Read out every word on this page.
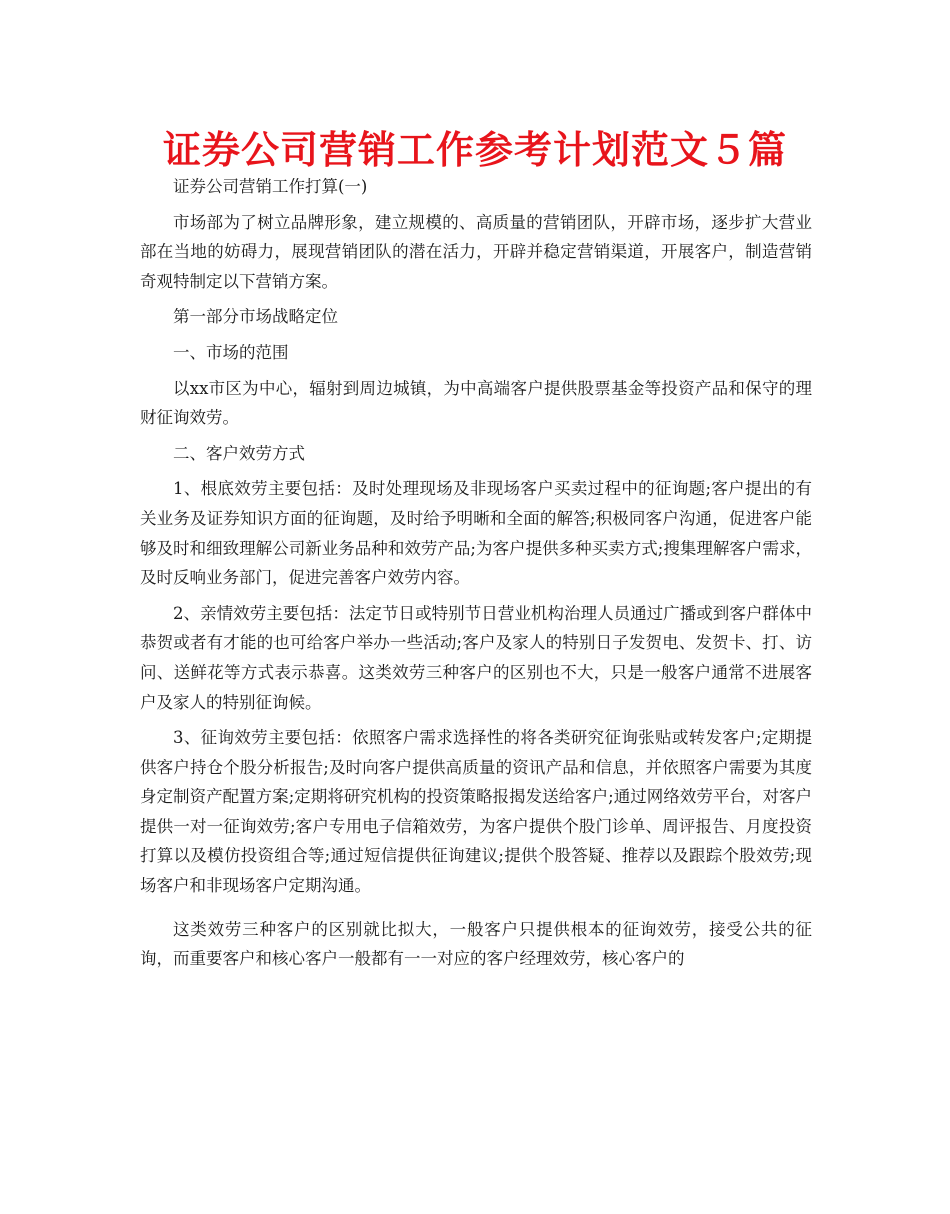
证券公司营销工作参考计划范文５篇

证券公司营销工作打算(一)

市场部为了树立品牌形象，建立规模的、高质量的营销团队，开辟市场，逐步扩大营业部在当地的妨碍力，展现营销团队的潜在活力，开辟并稳定营销渠道，开展客户，制造营销奇观特制定以下营销方案。

第一部分市场战略定位

一、市场的范围

以xx市区为中心，辐射到周边城镇，为中高端客户提供股票基金等投资产品和保守的理财征询效劳。

二、客户效劳方式

1、根底效劳主要包括：及时处理现场及非现场客户买卖过程中的征询题;客户提出的有关业务及证券知识方面的征询题，及时给予明晰和全面的解答;积极同客户沟通，促进客户能够及时和细致理解公司新业务品种和效劳产品;为客户提供多种买卖方式;搜集理解客户需求，及时反响业务部门，促进完善客户效劳内容。

2、亲情效劳主要包括：法定节日或特别节日营业机构治理人员通过广播或到客户群体中恭贺或者有才能的也可给客户举办一些活动;客户及家人的特别日子发贺电、发贺卡、打、访问、送鲜花等方式表示恭喜。这类效劳三种客户的区别也不大，只是一般客户通常不进展客户及家人的特别征询候。

3、征询效劳主要包括：依照客户需求选择性的将各类研究征询张贴或转发客户;定期提供客户持仓个股分析报告;及时向客户提供高质量的资讯产品和信息，并依照客户需要为其度身定制资产配置方案;定期将研究机构的投资策略报揭发送给客户;通过网络效劳平台，对客户提供一对一征询效劳;客户专用电子信箱效劳，为客户提供个股门诊单、周评报告、月度投资打算以及模仿投资组合等;通过短信提供征询建议;提供个股答疑、推荐以及跟踪个股效劳;现场客户和非现场客户定期沟通。

这类效劳三种客户的区别就比拟大，一般客户只提供根本的征询效劳，接受公共的征询，而重要客户和核心客户一般都有一一对应的客户经理效劳，核心客户的
